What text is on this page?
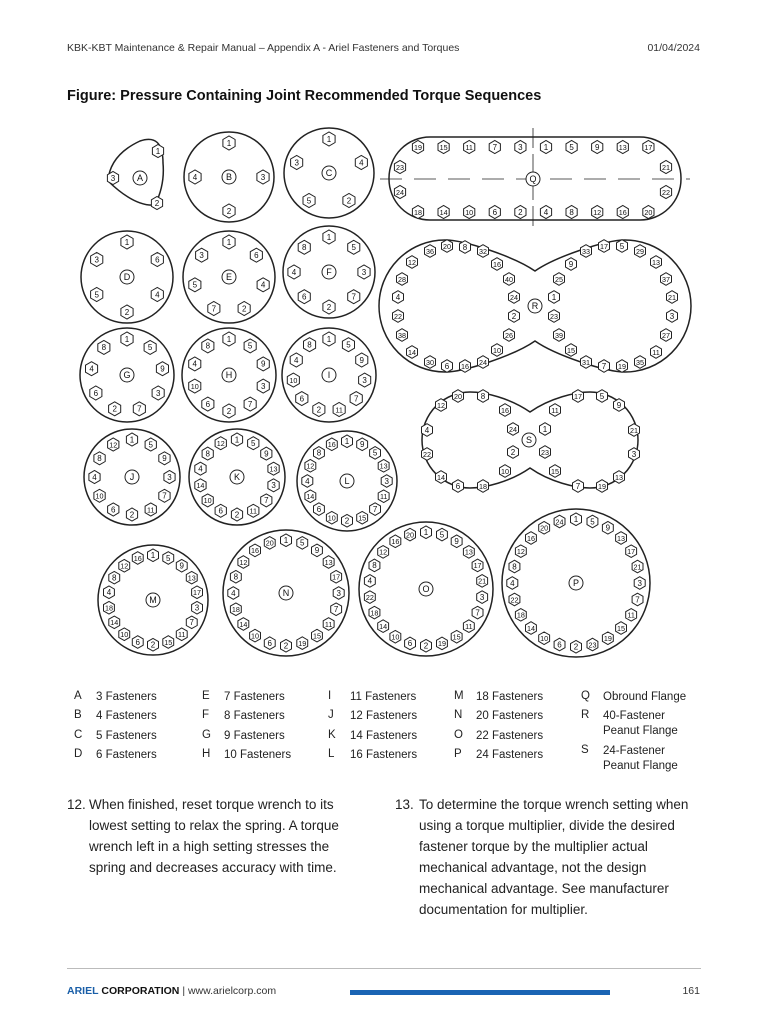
KBK-KBT Maintenance & Repair Manual – Appendix A - Ariel Fasteners and Torques	01/04/2024
Figure: Pressure Containing Joint Recommended Torque Sequences
1
2
3 A
1
3
2
4	B
1
4
2
5
3
C
1
6
4
2
5
3
D
1
6
4
2
7
5
3
E
1
5
3
7
2
6
4
8
F
1
5
9
3
7
2
6
4
8
G
1
5
9
3
7
2
6
10
4
8
H
1
5
9
3
7
11
2
6
10
4
8
I
1
5
9
3
7
11
2
6
10
4
8
12
J
1 5
9
13
3
7
11
2
6
10
14
4
8
12
K
1 9
5
13
3
11
7
15
2
10
6
14
4
12
8
16
L
1 5
9
13
17
3
7
11
15
2
6
10
14
18
4
8
12
16
M
1 5
9
13
17
3
7
11
15
19
2
6
10
14
18
4
8
12
16
20
N
1 5
9
13
17
21
3
7
11
15
19
2
6
10
14
18
22
4
8
12
16
20
O
1 5
9
13
17
21
3
7
11
15
19
23
2
6
10
14
18
22
4
8
12
16
20
24
P
19 15 11 7	3	1	5	9	13 17
18 14 10 6	2	4	8	12 16 20
23
24
21
22
Q
36
12
28
4
22
38
14
30 6 16 24
20 8 32	33
17 5
29
13
37
21
3
27
11
35
19
7
31
16
40
24
2
26
10
9
25
1
23
39
15
R
12
20 8
4
22
14
6	18
17 5
9
21
3
13
19
7
16
24
2
10
11
1
23
15
S
A	3 Fasteners
B	4 Fasteners
C	5 Fasteners
D	6 Fasteners
E	7 Fasteners
F	8 Fasteners
G	9 Fasteners
H	10 Fasteners
I	11 Fasteners
J	12 Fasteners
K	14 Fasteners
L	16 Fasteners
M	18 Fasteners
N	20 Fasteners
O	22 Fasteners
P	24 Fasteners
Q	Obround Flange
R	40-Fastener Peanut Flange
S	24-Fastener Peanut Flange
12. When finished, reset torque wrench to its lowest setting to relax the spring. A torque wrench left in a high setting stresses the spring and decreases accuracy with time.
13. To determine the torque wrench setting when using a torque multiplier, divide the desired fastener torque by the multiplier actual mechanical advantage, not the design mechanical advantage. See manufacturer documentation for multiplier.
ARIEL CORPORATION | www.arielcorp.com	161
